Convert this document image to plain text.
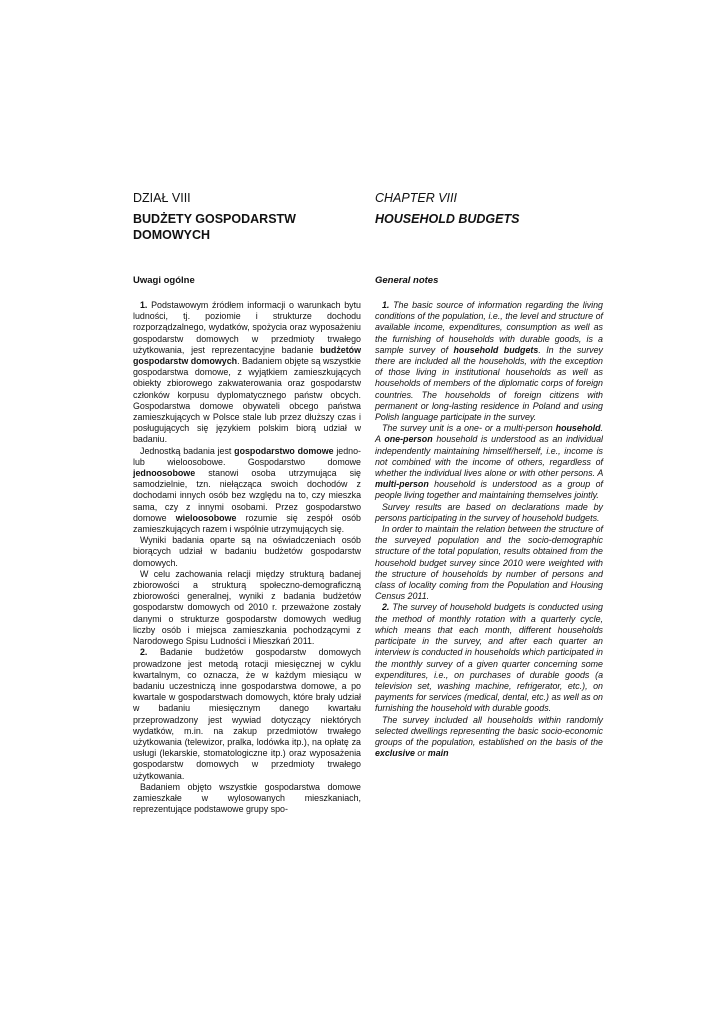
DZIAŁ VIII
BUDŻETY GOSPODARSTW
DOMOWYCH
Uwagi ogólne

1. Podstawowym źródłem informacji o warunkach bytu ludności, tj. poziomie i strukturze dochodu rozporządzalnego, wydatków, spożycia oraz wyposażeniu gospodarstw domowych w przedmioty trwałego użytkowania, jest reprezentacyjne badanie budżetów gospodarstw domowych. Badaniem objęte są wszystkie gospodarstwa domowe, z wyjątkiem zamieszkujących obiekty zbiorowego zakwaterowania oraz gospodarstw członków korpusu dyplomatycznego państw obcych. Gospodarstwa domowe obywateli obcego państwa zamieszkujących w Polsce stale lub przez dłuższy czas i posługujących się językiem polskim biorą udział w badaniu.

Jednostką badania jest gospodarstwo domowe jedno- lub wieloosobowe. Gospodarstwo domowe jednoosobowe stanowi osoba utrzymująca się samodzielnie, tzn. niełącząca swoich dochodów z dochodami innych osób bez względu na to, czy mieszka sama, czy z innymi osobami. Przez gospodarstwo domowe wieloosobowe rozumie się zespół osób zamieszkujących razem i wspólnie utrzymujących się.

Wyniki badania oparte są na oświadczeniach osób biorących udział w badaniu budżetów gospodarstw domowych.

W celu zachowania relacji między strukturą badanej zbiorowości a strukturą społeczno-demograficzną zbiorowości generalnej, wyniki z badania budżetów gospodarstw domowych od 2010 r. przeważone zostały danymi o strukturze gospodarstw domowych według liczby osób i miejsca zamieszkania pochodzącymi z Narodowego Spisu Ludności i Mieszkań 2011.

2. Badanie budżetów gospodarstw domowych prowadzone jest metodą rotacji miesięcznej w cyklu kwartalnym, co oznacza, że w każdym miesiącu w badaniu uczestniczą inne gospodarstwa domowe, a po kwartale w gospodarstwach domowych, które brały udział w badaniu miesięcznym danego kwartału przeprowadzony jest wywiad dotyczący niektórych wydatków, m.in. na zakup przedmiotów trwałego użytkowania (telewizor, pralka, lodówka itp.), na opłatę za usługi (lekarskie, stomatologiczne itp.) oraz wyposażenia gospodarstw domowych w przedmioty trwałego użytkowania.

Badaniem objęto wszystkie gospodarstwa domowe zamieszkałe w wylosowanych mieszkaniach, reprezentujące podstawowe grupy spo-

CHAPTER VIII
HOUSEHOLD BUDGETS
General notes

1. The basic source of information regarding the living conditions of the population, i.e., the level and structure of available income, expenditures, consumption as well as the furnishing of households with durable goods, is a sample survey of household budgets. In the survey there are included all the households, with the exception of those living in institutional households as well as households of members of the diplomatic corps of foreign countries. The households of foreign citizens with permanent or long-lasting residence in Poland and using Polish language participate in the survey.

The survey unit is a one- or a multi-person household. A one-person household is understood as an individual independently maintaining himself/herself, i.e., income is not combined with the income of others, regardless of whether the individual lives alone or with other persons. A multi-person household is understood as a group of people living together and maintaining themselves jointly.

Survey results are based on declarations made by persons participating in the survey of household budgets.

In order to maintain the relation between the structure of the surveyed population and the socio-demographic structure of the total population, results obtained from the household budget survey since 2010 were weighted with the structure of households by number of persons and class of locality coming from the Population and Housing Census 2011.

2. The survey of household budgets is conducted using the method of monthly rotation with a quarterly cycle, which means that each month, different households participate in the survey, and after each quarter an interview is conducted in households which participated in the monthly survey of a given quarter concerning some expenditures, i.e., on purchases of durable goods (a television set, washing machine, refrigerator, etc.), on payments for services (medical, dental, etc.) as well as on furnishing the household with durable goods.

The survey included all households within randomly selected dwellings representing the basic socio-economic groups of the population, established on the basis of the exclusive or main
